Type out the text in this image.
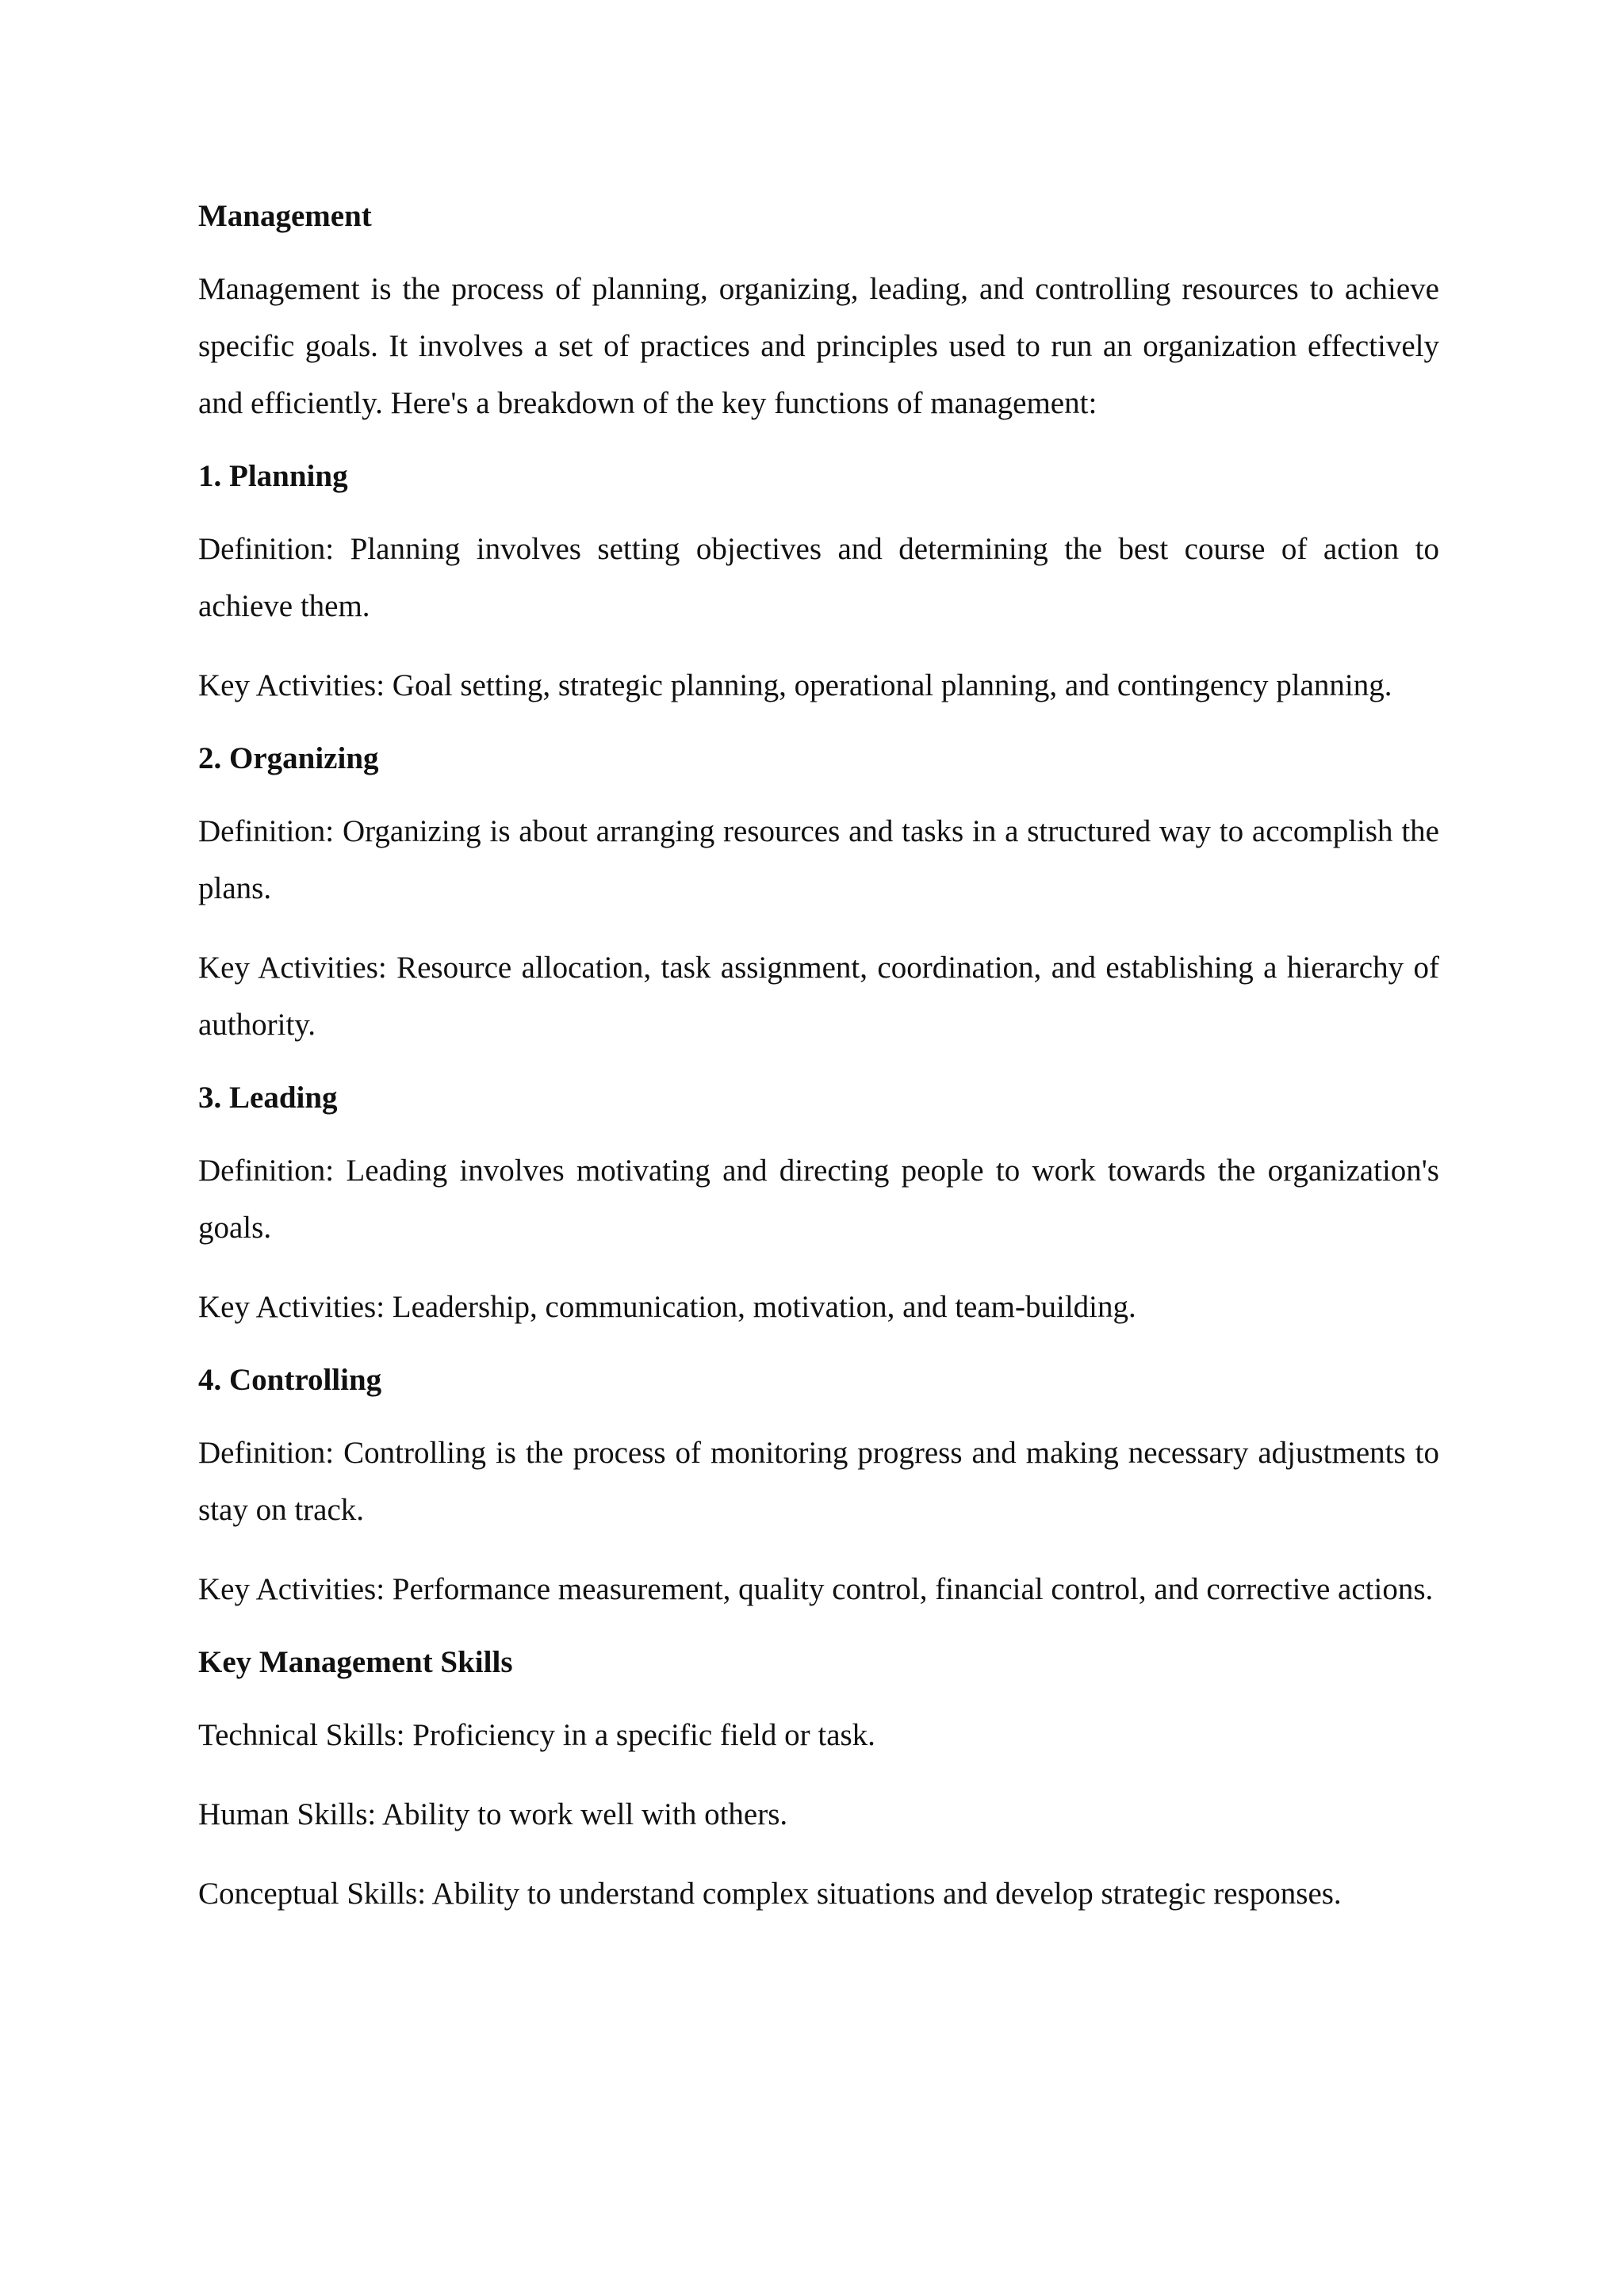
Management

Management is the process of planning, organizing, leading, and controlling resources to achieve specific goals. It involves a set of practices and principles used to run an organization effectively and efficiently. Here's a breakdown of the key functions of management:

1. Planning

Definition: Planning involves setting objectives and determining the best course of action to achieve them.

Key Activities: Goal setting, strategic planning, operational planning, and contingency planning.

2. Organizing

Definition: Organizing is about arranging resources and tasks in a structured way to accomplish the plans.

Key Activities: Resource allocation, task assignment, coordination, and establishing a hierarchy of authority.

3. Leading

Definition: Leading involves motivating and directing people to work towards the organization's goals.

Key Activities: Leadership, communication, motivation, and team-building.

4. Controlling

Definition: Controlling is the process of monitoring progress and making necessary adjustments to stay on track.

Key Activities: Performance measurement, quality control, financial control, and corrective actions.

Key Management Skills

Technical Skills: Proficiency in a specific field or task.

Human Skills: Ability to work well with others.

Conceptual Skills: Ability to understand complex situations and develop strategic responses.
